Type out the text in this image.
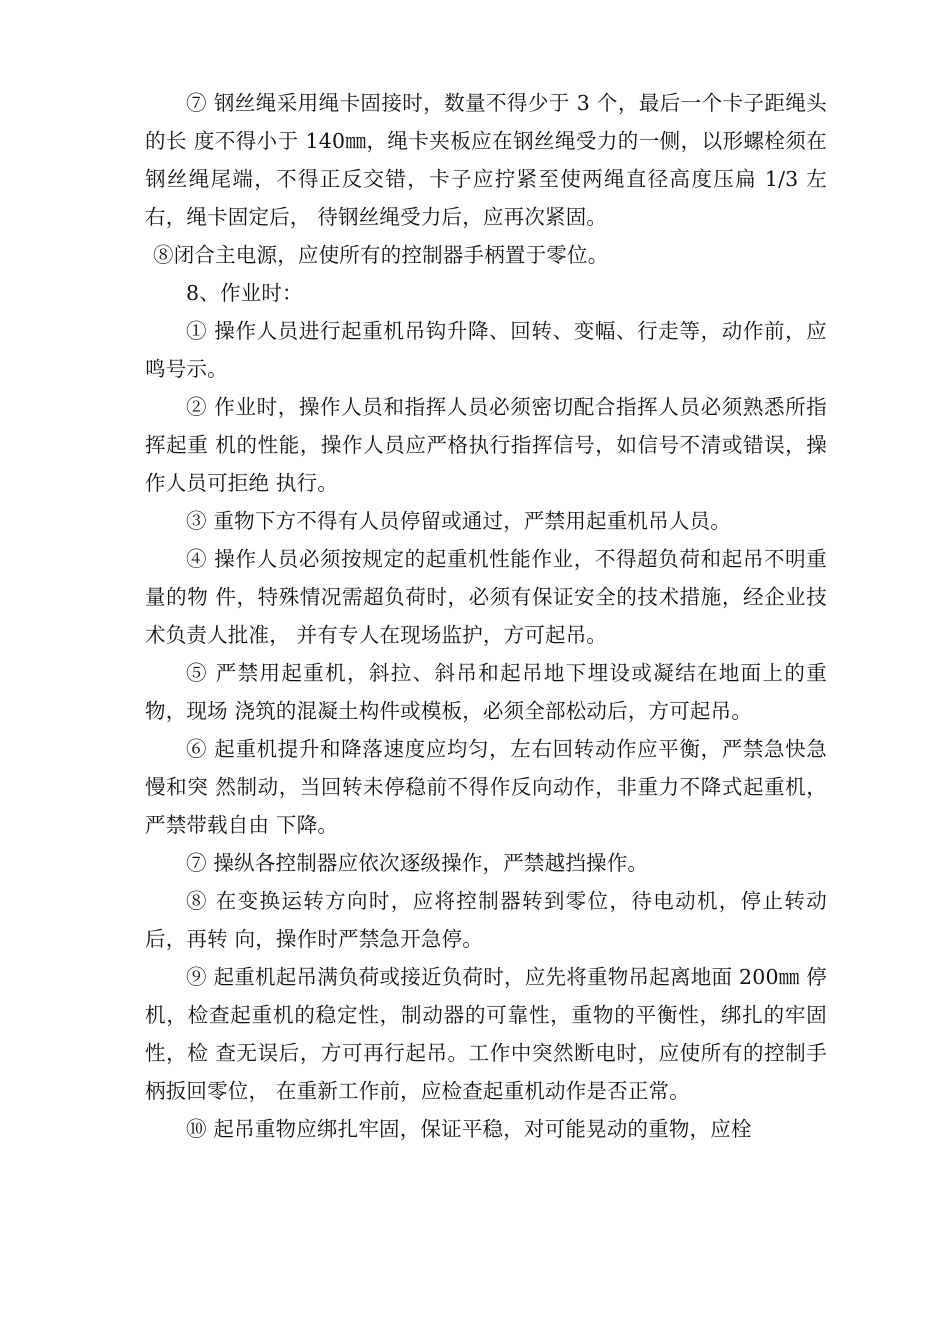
⑦ 钢丝绳采用绳卡固接时，数量不得少于 3 个，最后一个卡子距绳头的长 度不得小于 140㎜，绳卡夹板应在钢丝绳受力的一侧，以形螺栓须在钢丝绳尾端，不得正反交错，卡子应拧紧至使两绳直径高度压扁 1/3 左右，绳卡固定后， 待钢丝绳受力后，应再次紧固。

⑧闭合主电源，应使所有的控制器手柄置于零位。

8、作业时：

① 操作人员进行起重机吊钩升降、回转、变幅、行走等，动作前，应鸣号示。

② 作业时，操作人员和指挥人员必须密切配合指挥人员必须熟悉所指挥起重 机的性能，操作人员应严格执行指挥信号，如信号不清或错误，操作人员可拒绝 执行。

③ 重物下方不得有人员停留或通过，严禁用起重机吊人员。

④ 操作人员必须按规定的起重机性能作业，不得超负荷和起吊不明重量的物 件，特殊情况需超负荷时，必须有保证安全的技术措施，经企业技术负责人批准， 并有专人在现场监护，方可起吊。

⑤ 严禁用起重机，斜拉、斜吊和起吊地下埋设或凝结在地面上的重物，现场 浇筑的混凝土构件或模板，必须全部松动后，方可起吊。

⑥ 起重机提升和降落速度应均匀，左右回转动作应平衡，严禁急快急慢和突 然制动，当回转未停稳前不得作反向动作，非重力不降式起重机，严禁带载自由 下降。

⑦ 操纵各控制器应依次逐级操作，严禁越挡操作。

⑧ 在变换运转方向时，应将控制器转到零位，待电动机，停止转动后，再转 向，操作时严禁急开急停。

⑨ 起重机起吊满负荷或接近负荷时，应先将重物吊起离地面 200㎜ 停机，检查起重机的稳定性，制动器的可靠性，重物的平衡性，绑扎的牢固性，检 查无误后，方可再行起吊。工作中突然断电时，应使所有的控制手柄扳回零位， 在重新工作前，应检查起重机动作是否正常。

⑩ 起吊重物应绑扎牢固，保证平稳，对可能晃动的重物，应栓
